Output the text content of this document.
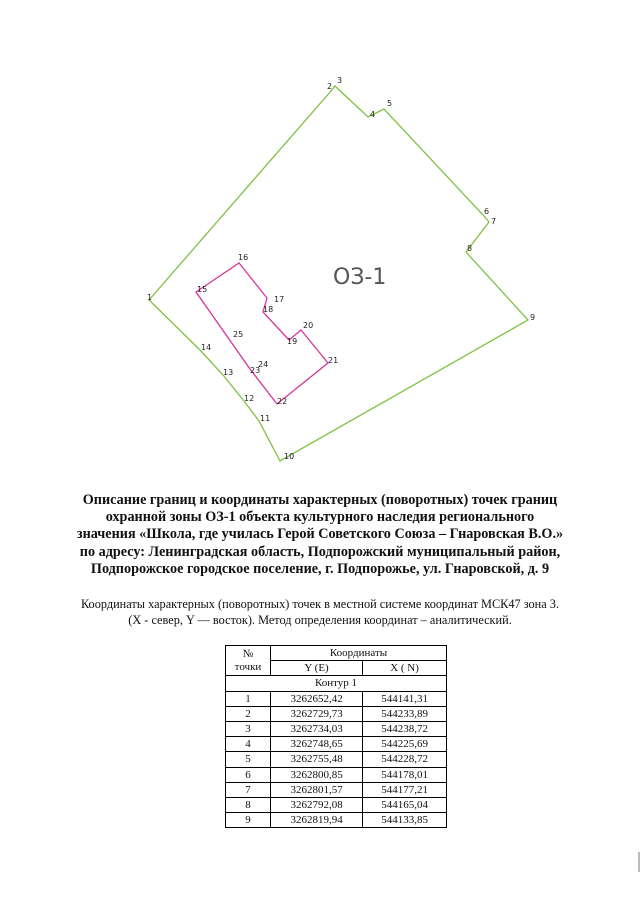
1
2
3
4
5
6
7
8
9
10
11
12
13
14
15
16
17
18
19
20
21
22
23
24
25
ОЗ-1
Описание границ и координаты характерных (поворотных) точек границ
охранной зоны ОЗ-1 объекта культурного наследия регионального
значения «Школа, где училась Герой Советского Союза – Гнаровская В.О.»
по адресу: Ленинградская область, Подпорожский муниципальный район,
Подпорожское городское поселение, г. Подпорожье, ул. Гнаровской, д. 9
Координаты характерных (поворотных) точек в местной системе координат МСК47 зона 3.
(X - север, Y — восток). Метод определения координат – аналитический.
№
точки	Координаты	
	Y (E)	X ( N)
Контур 1		
1	3262652,42	544141,31
2	3262729,73	544233,89
3	3262734,03	544238,72
4	3262748,65	544225,69
5	3262755,48	544228,72
6	3262800,85	544178,01
7	3262801,57	544177,21
8	3262792,08	544165,04
9	3262819,94	544133,85
